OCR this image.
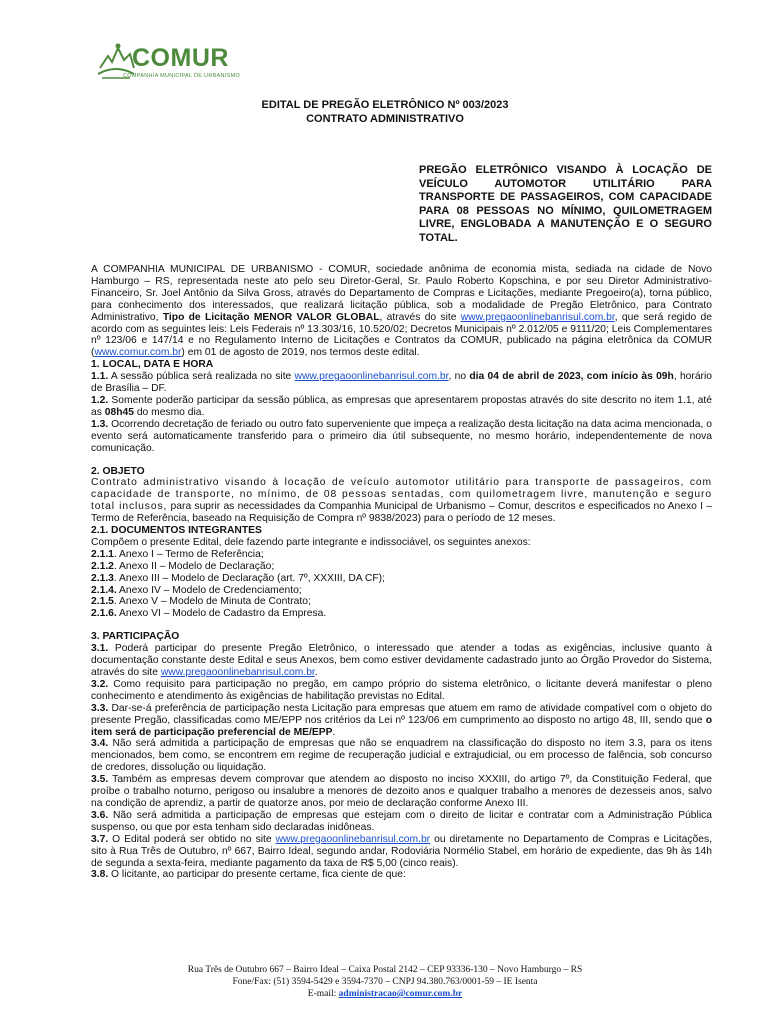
COMUR
COMPANHIA MUNICIPAL DE URBANISMO
EDITAL DE PREGÃO ELETRÔNICO Nº 003/2023
CONTRATO ADMINISTRATIVO
PREGÃO ELETRÔNICO VISANDO À LOCAÇÃO DE VEÍCULO AUTOMOTOR UTILITÁRIO PARA TRANSPORTE DE PASSAGEIROS, COM CAPACIDADE PARA 08 PESSOAS NO MÍNIMO, QUILOMETRAGEM LIVRE, ENGLOBADA A MANUTENÇÃO E O SEGURO TOTAL.

A COMPANHIA MUNICIPAL DE URBANISMO - COMUR, sociedade anônima de economia mista, sediada na cidade de Novo Hamburgo – RS, representada neste ato pelo seu Diretor-Geral, Sr. Paulo Roberto Kopschina, e por seu Diretor Administrativo-Financeiro, Sr. Joel Antônio da Silva Gross, através do Departamento de Compras e Licitações, mediante Pregoeiro(a), torna público, para conhecimento dos interessados, que realizará licitação pública, sob a modalidade de Pregão Eletrônico, para Contrato Administrativo, Tipo de Licitação MENOR VALOR GLOBAL, através do site www.pregaoonlinebanrisul.com.br, que será regido de acordo com as seguintes leis: Leis Federais nº 13.303/16, 10.520/02; Decretos Municipais nº 2.012/05 e 9111/20; Leis Complementares nº 123/06 e 147/14 e no Regulamento Interno de Licitações e Contratos da COMUR, publicado na página eletrônica da COMUR (www.comur.com.br) em 01 de agosto de 2019, nos termos deste edital.

1. LOCAL, DATA E HORA

1.1. A sessão pública será realizada no site www.pregaoonlinebanrisul.com.br, no dia 04 de abril de 2023, com início às 09h, horário de Brasília – DF.

1.2. Somente poderão participar da sessão pública, as empresas que apresentarem propostas através do site descrito no item 1.1, até as 08h45 do mesmo dia.

1.3. Ocorrendo decretação de feriado ou outro fato superveniente que impeça a realização desta licitação na data acima mencionada, o evento será automaticamente transferido para o primeiro dia útil subsequente, no mesmo horário, independentemente de nova comunicação.

2. OBJETO

Contrato administrativo visando à locação de veículo automotor utilitário para transporte de passageiros, com capacidade de transporte, no mínimo, de 08 pessoas sentadas, com quilometragem livre, manutenção e seguro total inclusos, para suprir as necessidades da Companhia Municipal de Urbanismo – Comur, descritos e especificados no Anexo I – Termo de Referência, baseado na Requisição de Compra nº 9838/2023) para o período de 12 meses.

2.1. DOCUMENTOS INTEGRANTES

Compõem o presente Edital, dele fazendo parte integrante e indissociável, os seguintes anexos:

2.1.1. Anexo I – Termo de Referência;

2.1.2. Anexo II – Modelo de Declaração;

2.1.3. Anexo III – Modelo de Declaração (art. 7º, XXXIII, DA CF);

2.1.4. Anexo IV – Modelo de Credenciamento;

2.1.5. Anexo V – Modelo de Minuta de Contrato;

2.1.6. Anexo VI – Modelo de Cadastro da Empresa.

3. PARTICIPAÇÃO

3.1. Poderá participar do presente Pregão Eletrônico, o interessado que atender a todas as exigências, inclusive quanto à documentação constante deste Edital e seus Anexos, bem como estiver devidamente cadastrado junto ao Órgão Provedor do Sistema, através do site www.pregaoonlinebanrisul.com.br.

3.2. Como requisito para participação no pregão, em campo próprio do sistema eletrônico, o licitante deverá manifestar o pleno conhecimento e atendimento às exigências de habilitação previstas no Edital.

3.3. Dar-se-á preferência de participação nesta Licitação para empresas que atuem em ramo de atividade compatível com o objeto do presente Pregão, classificadas como ME/EPP nos critérios da Lei nº 123/06 em cumprimento ao disposto no artigo 48, III, sendo que o item será de participação preferencial de ME/EPP.

3.4. Não será admitida a participação de empresas que não se enquadrem na classificação do disposto no item 3.3, para os itens mencionados, bem como, se encontrem em regime de recuperação judicial e extrajudicial, ou em processo de falência, sob concurso de credores, dissolução ou liquidação.

3.5. Também as empresas devem comprovar que atendem ao disposto no inciso XXXIII, do artigo 7º, da Constituição Federal, que proíbe o trabalho noturno, perigoso ou insalubre a menores de dezoito anos e qualquer trabalho a menores de dezesseis anos, salvo na condição de aprendiz, a partir de quatorze anos, por meio de declaração conforme Anexo III.

3.6. Não será admitida a participação de empresas que estejam com o direito de licitar e contratar com a Administração Pública suspenso, ou que por esta tenham sido declaradas inidôneas.

3.7. O Edital poderá ser obtido no site www.pregaoonlinebanrisul.com.br ou diretamente no Departamento de Compras e Licitações, sito à Rua Três de Outubro, nº 667, Bairro Ideal, segundo andar, Rodoviária Normélio Stabel, em horário de expediente, das 9h às 14h de segunda a sexta-feira, mediante pagamento da taxa de R$ 5,00 (cinco reais).

3.8. O licitante, ao participar do presente certame, fica ciente de que:

Rua Três de Outubro 667 – Bairro Ideal – Caixa Postal 2142 – CEP 93336-130 – Novo Hamburgo – RS
Fone/Fax: (51) 3594-5429 e 3594-7370 – CNPJ 94.380.763/0001-59 – IE Isenta
E-mail: administracao@comur.com.br
